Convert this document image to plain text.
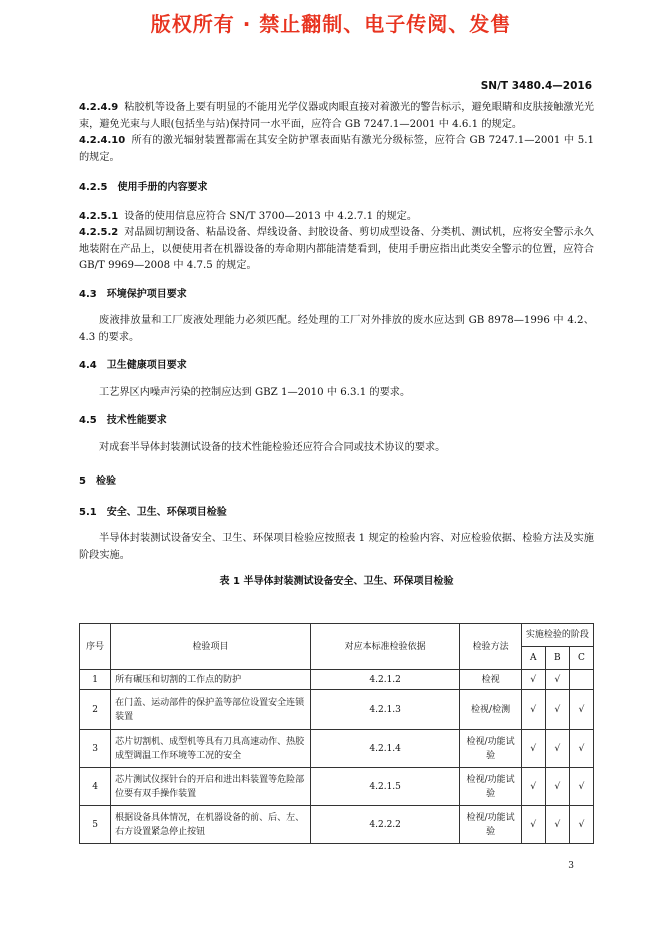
版权所有 · 禁止翻制、电子传阅、发售
SN/T 3480.4—2016

4.2.4.9 粘胶机等设备上要有明显的不能用光学仪器或肉眼直接对着激光的警告标示，避免眼睛和皮肤接触激光光束，避免光束与人眼(包括坐与站)保持同一水平面，应符合 GB 7247.1—2001 中 4.6.1 的规定。

4.2.4.10 所有的激光辐射装置都需在其安全防护罩表面贴有激光分级标签，应符合 GB 7247.1—2001 中 5.1 的规定。

4.2.5 使用手册的内容要求

4.2.5.1 设备的使用信息应符合 SN/T 3700—2013 中 4.2.7.1 的规定。

4.2.5.2 对晶圆切割设备、粘晶设备、焊线设备、封胶设备、剪切成型设备、分类机、测试机，应将安全警示永久地装附在产品上，以便使用者在机器设备的寿命期内都能清楚看到，使用手册应指出此类安全警示的位置，应符合 GB/T 9969—2008 中 4.7.5 的规定。

4.3 环境保护项目要求

废液排放量和工厂废液处理能力必须匹配。经处理的工厂对外排放的废水应达到 GB 8978—1996 中 4.2、4.3 的要求。

4.4 卫生健康项目要求

工艺界区内噪声污染的控制应达到 GBZ 1—2010 中 6.3.1 的要求。

4.5 技术性能要求

对成套半导体封装测试设备的技术性能检验还应符合合同或技术协议的要求。

5 检验

5.1 安全、卫生、环保项目检验

半导体封装测试设备安全、卫生、环保项目检验应按照表 1 规定的检验内容、对应检验依据、检验方法及实施阶段实施。

表 1 半导体封装测试设备安全、卫生、环保项目检验

序号	检验项目	对应本标准检验依据	检验方法	实施检验的阶段		
				A	B	C
1	所有碾压和切割的工作点的防护	4.2.1.2	检视	√	√	
2	在门盖、运动部件的保护盖等部位设置安全连锁装置	4.2.1.3	检视/检测	√	√	√
3	芯片切割机、成型机等具有刀具高速动作、热胶成型调温工作环境等工况的安全	4.2.1.4	检视/功能试验	√	√	√
4	芯片测试仪探针台的开启和进出料装置等危险部位要有双手操作装置	4.2.1.5	检视/功能试验	√	√	√
5	根据设备具体情况，在机器设备的前、后、左、右方设置紧急停止按钮	4.2.2.2	检视/功能试验	√	√	√
3
